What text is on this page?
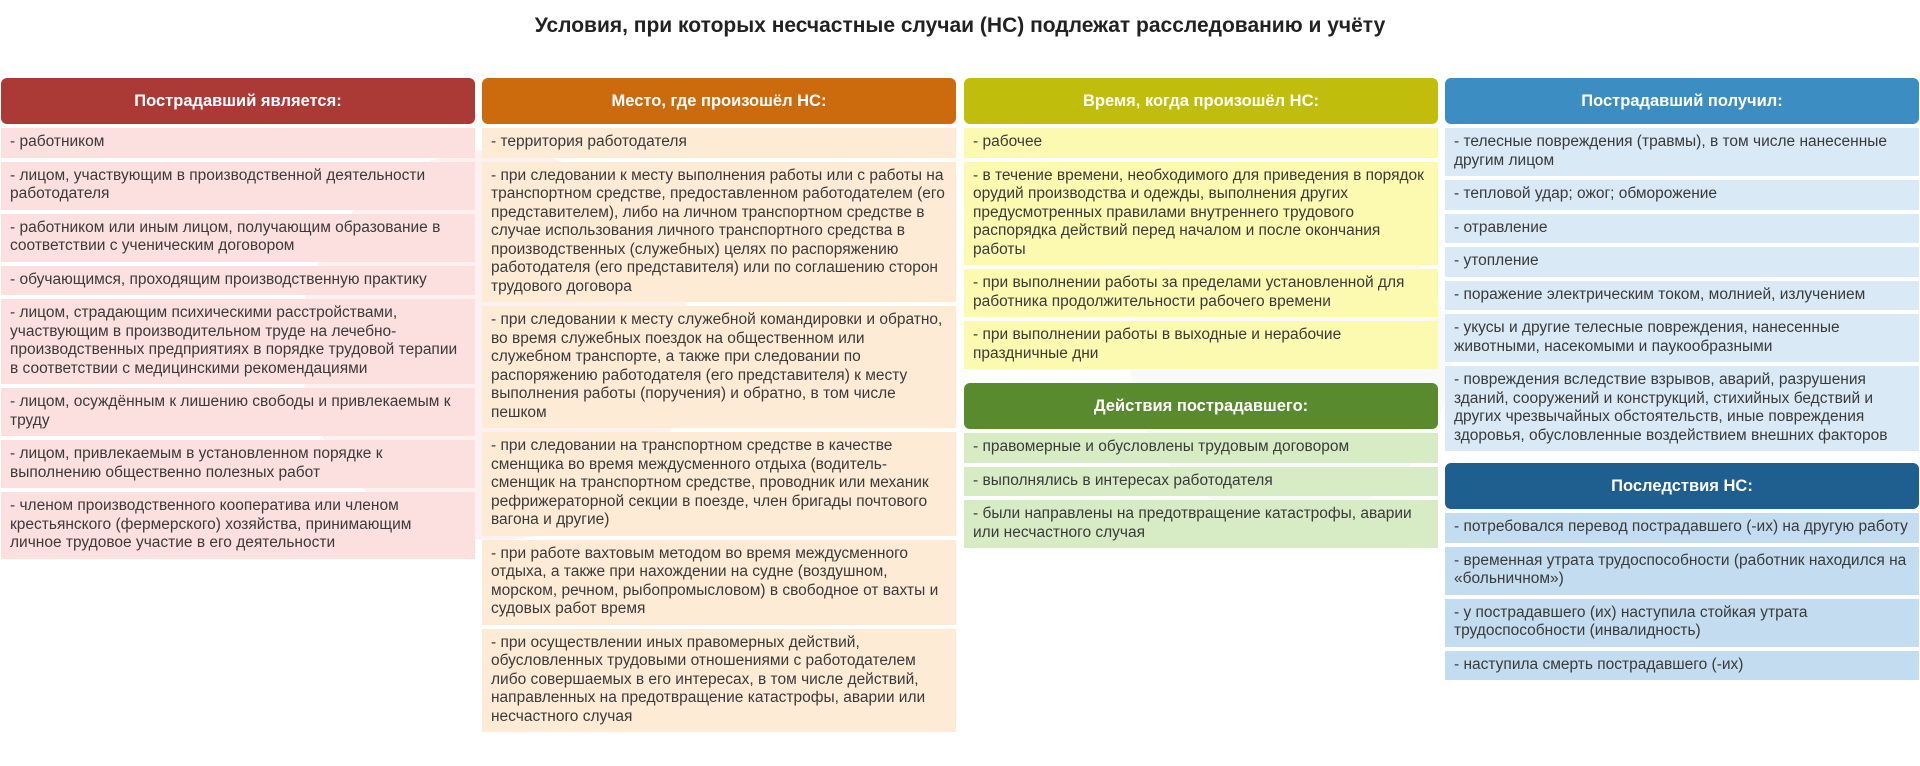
Условия, при которых несчастные случаи (НС) подлежат расследованию и учёту
Пострадавший является:
- работником
- лицом, участвующим в производственной деятельности работодателя
- работником или иным лицом, получающим образование в соответствии с ученическим договором
- обучающимся, проходящим производственную практику
- лицом, страдающим психическими расстройствами, участвующим в производительном труде на лечебно-производственных предприятиях в порядке трудовой терапии в соответствии с медицинскими рекомендациями
- лицом, осуждённым к лишению свободы и привлекаемым к труду
- лицом, привлекаемым в установленном порядке к выполнению общественно полезных работ
- членом производственного кооператива или членом крестьянского (фермерского) хозяйства, принимающим личное трудовое участие в его деятельности
Место, где произошёл НС:
- территория работодателя
- при следовании к месту выполнения работы или с работы на транспортном средстве, предоставленном работодателем (его представителем), либо на личном транспортном средстве в случае использования личного транспортного средства в производственных (служебных) целях по распоряжению работодателя (его представителя) или по соглашению сторон трудового договора
- при следовании к месту служебной командировки и обратно, во время служебных поездок на общественном или служебном транспорте, а также при следовании по распоряжению работодателя (его представителя) к месту выполнения работы (поручения) и обратно, в том числе пешком
- при следовании на транспортном средстве в качестве сменщика во время междусменного отдыха (водитель-сменщик на транспортном средстве, проводник или механик рефрижераторной секции в поезде, член бригады почтового вагона и другие)
- при работе вахтовым методом во время междусменного отдыха, а также при нахождении на судне (воздушном, морском, речном, рыбопромысловом) в свободное от вахты и судовых работ время
- при осуществлении иных правомерных действий, обусловленных трудовыми отношениями с работодателем либо совершаемых в его интересах, в том числе действий, направленных на предотвращение катастрофы, аварии или несчастного случая
Время, когда произошёл НС:
- рабочее
- в течение времени, необходимого для приведения в порядок орудий производства и одежды, выполнения других предусмотренных правилами внутреннего трудового распорядка действий перед началом и после окончания работы
- при выполнении работы за пределами установленной для работника продолжительности рабочего времени
- при выполнении работы в выходные и нерабочие праздничные дни
Действия пострадавшего:
- правомерные и обусловлены трудовым договором
- выполнялись в интересах работодателя
- были направлены на предотвращение катастрофы, аварии или несчастного случая
Пострадавший получил:
- телесные повреждения (травмы), в том числе нанесенные другим лицом
- тепловой удар; ожог; обморожение
- отравление
- утопление
- поражение электрическим током, молнией, излучением
- укусы и другие телесные повреждения, нанесенные животными, насекомыми и паукообразными
- повреждения вследствие взрывов, аварий, разрушения зданий, сооружений и конструкций, стихийных бедствий и других чрезвычайных обстоятельств, иные повреждения здоровья, обусловленные воздействием внешних факторов
Последствия НС:
- потребовался перевод пострадавшего (-их) на другую работу
- временная утрата трудоспособности (работник находился на «больничном»)
- у пострадавшего (их) наступила стойкая утрата трудоспособности (инвалидность)
- наступила смерть пострадавшего (-их)
